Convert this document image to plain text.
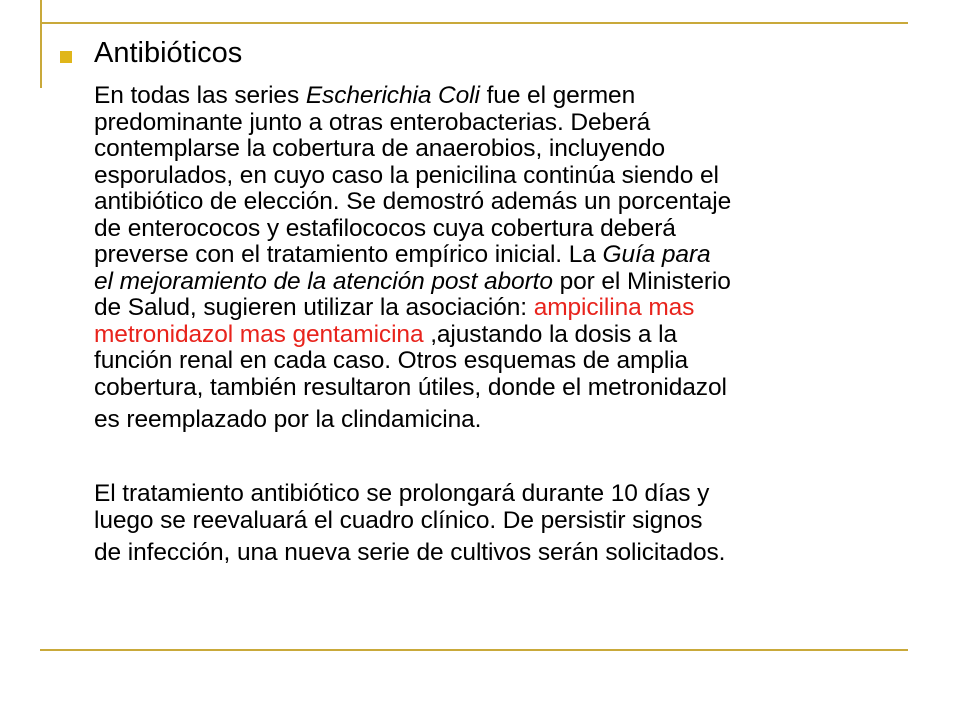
Antibióticos

En todas las series Escherichia Coli fue el germen
predominante junto a otras enterobacterias. Deberá
contemplarse la cobertura de anaerobios, incluyendo
esporulados, en cuyo caso la penicilina continúa siendo el
antibiótico de elección. Se demostró además un porcentaje
de enterococos y estafilococos cuya cobertura deberá
preverse con el tratamiento empírico inicial. La Guía para
el mejoramiento de la atención post aborto por el Ministerio
de Salud, sugieren utilizar la asociación: ampicilina mas
metronidazol mas gentamicina ,ajustando la dosis a la
función renal en cada caso. Otros esquemas de amplia
cobertura, también resultaron útiles, donde el metronidazol
es reemplazado por la clindamicina.

El tratamiento antibiótico se prolongará durante 10 días y
luego se reevaluará el cuadro clínico. De persistir signos
de infección, una nueva serie de cultivos serán solicitados.
